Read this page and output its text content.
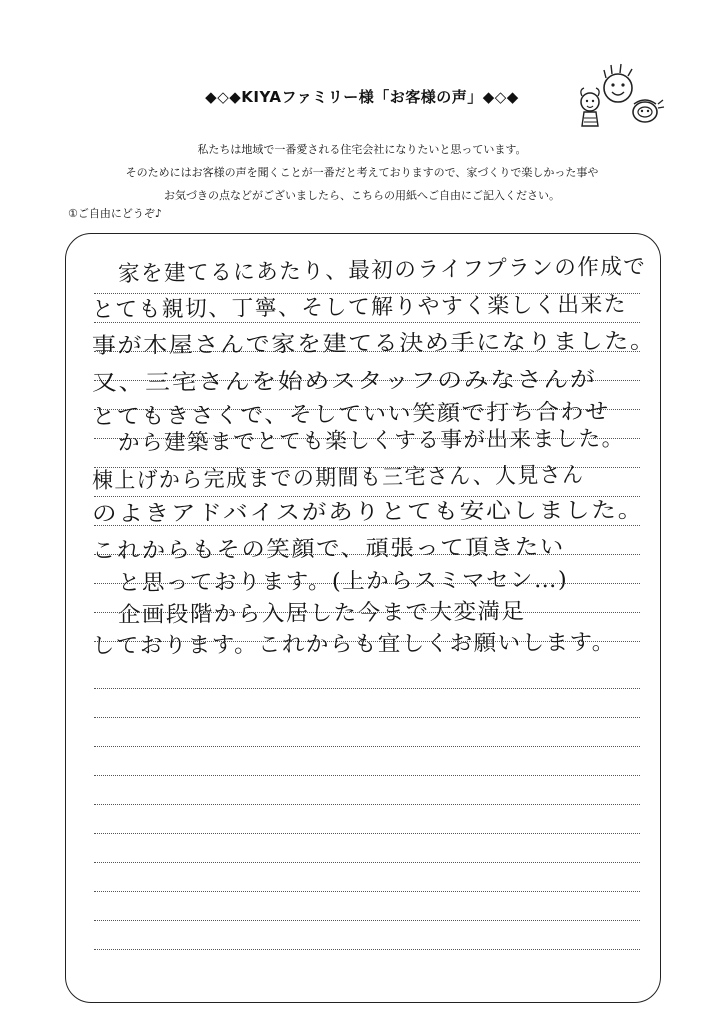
◆◇◆KIYAファミリー様「お客様の声」◆◇◆
私たちは地域で一番愛される住宅会社になりたいと思っています。
そのためにはお客様の声を聞くことが一番だと考えておりますので、家づくりで楽しかった事や
お気づきの点などがございましたら、こちらの用紙へご自由にご記入ください。
①ご自由にどうぞ♪
家を建てるにあたり、最初のライフプランの作成で
とても親切、丁寧、そして解りやすく楽しく出来た
事が木屋さんで家を建てる決め手になりました。
又、三宅さんを始めスタッフのみなさんが
とてもきさくで、そしていい笑顔で打ち合わせ
から建築までとても楽しくする事が出来ました。
棟上げから完成までの期間も三宅さん、人見さん
のよきアドバイスがありとても安心しました。
これからもその笑顔で、頑張って頂きたい
と思っております。(上からスミマセン…)
企画段階から入居した今まで大変満足
しております。これからも宜しくお願いします。
